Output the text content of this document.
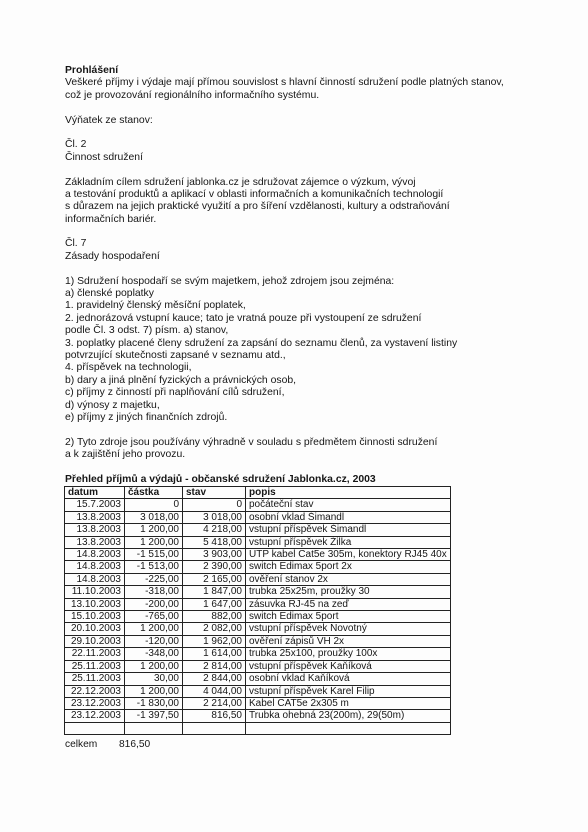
Prohlášení
Veškeré příjmy i výdaje mají přímou souvislost s hlavní činností sdružení podle platných stanov,
což je provozování regionálního informačního systému.
Výňatek ze stanov:
Čl. 2
Činnost sdružení
Základním cílem sdružení jablonka.cz je sdružovat zájemce o výzkum, vývoj
a testování produktů a aplikací v oblasti informačních a komunikačních technologií
s důrazem na jejich praktické využití a pro šíření vzdělanosti, kultury a odstraňování
informačních bariér.
Čl. 7
Zásady hospodaření
1) Sdružení hospodaří se svým majetkem, jehož zdrojem jsou zejména:
a) členské poplatky
1. pravidelný členský měsíční poplatek,
2. jednorázová vstupní kauce; tato je vratná pouze při vystoupení ze sdružení
podle Čl. 3 odst. 7) písm. a) stanov,
3. poplatky placené členy sdružení za zapsání do seznamu členů, za vystavení listiny
potvrzující skutečnosti zapsané v seznamu atd.,
4. příspěvek na technologii,
b) dary a jiná plnění fyzických a právnických osob,
c) příjmy z činností při naplňování cílů sdružení,
d) výnosy z majetku,
e) příjmy z jiných finančních zdrojů.
2) Tyto zdroje jsou používány výhradně v souladu s předmětem činnosti sdružení
a k zajištění jeho provozu.
Přehled příjmů a výdajů - občanské sdružení Jablonka.cz, 2003
datum	částka	stav	popis
15.7.2003	0	0	počáteční stav
13.8.2003	3 018,00	3 018,00	osobní vklad Šimandl
13.8.2003	1 200,00	4 218,00	vstupní příspěvek Šimandl
13.8.2003	1 200,00	5 418,00	vstupní příspěvek Žilka
14.8.2003	-1 515,00	3 903,00	UTP kabel Cat5e 305m, konektory RJ45 40x
14.8.2003	-1 513,00	2 390,00	switch Edimax 5port 2x
14.8.2003	-225,00	2 165,00	ověření stanov 2x
11.10.2003	-318,00	1 847,00	trubka 25x25m, proužky 30
13.10.2003	-200,00	1 647,00	zásuvka RJ-45 na zeď
15.10.2003	-765,00	882,00	switch Edimax 5port
20.10.2003	1 200,00	2 082,00	vstupní příspěvek Novotný
29.10.2003	-120,00	1 962,00	ověření zápisů VH 2x
22.11.2003	-348,00	1 614,00	trubka 25x100, proužky 100x
25.11.2003	1 200,00	2 814,00	vstupní příspěvek Kaňíková
25.11.2003	30,00	2 844,00	osobní vklad Kaňíková
22.12.2003	1 200,00	4 044,00	vstupní příspěvek Karel Filip
23.12.2003	-1 830,00	2 214,00	Kabel CAT5e 2x305 m
23.12.2003	-1 397,50	816,50	Trubka ohebná 23(200m), 29(50m)

celkem 816,50
